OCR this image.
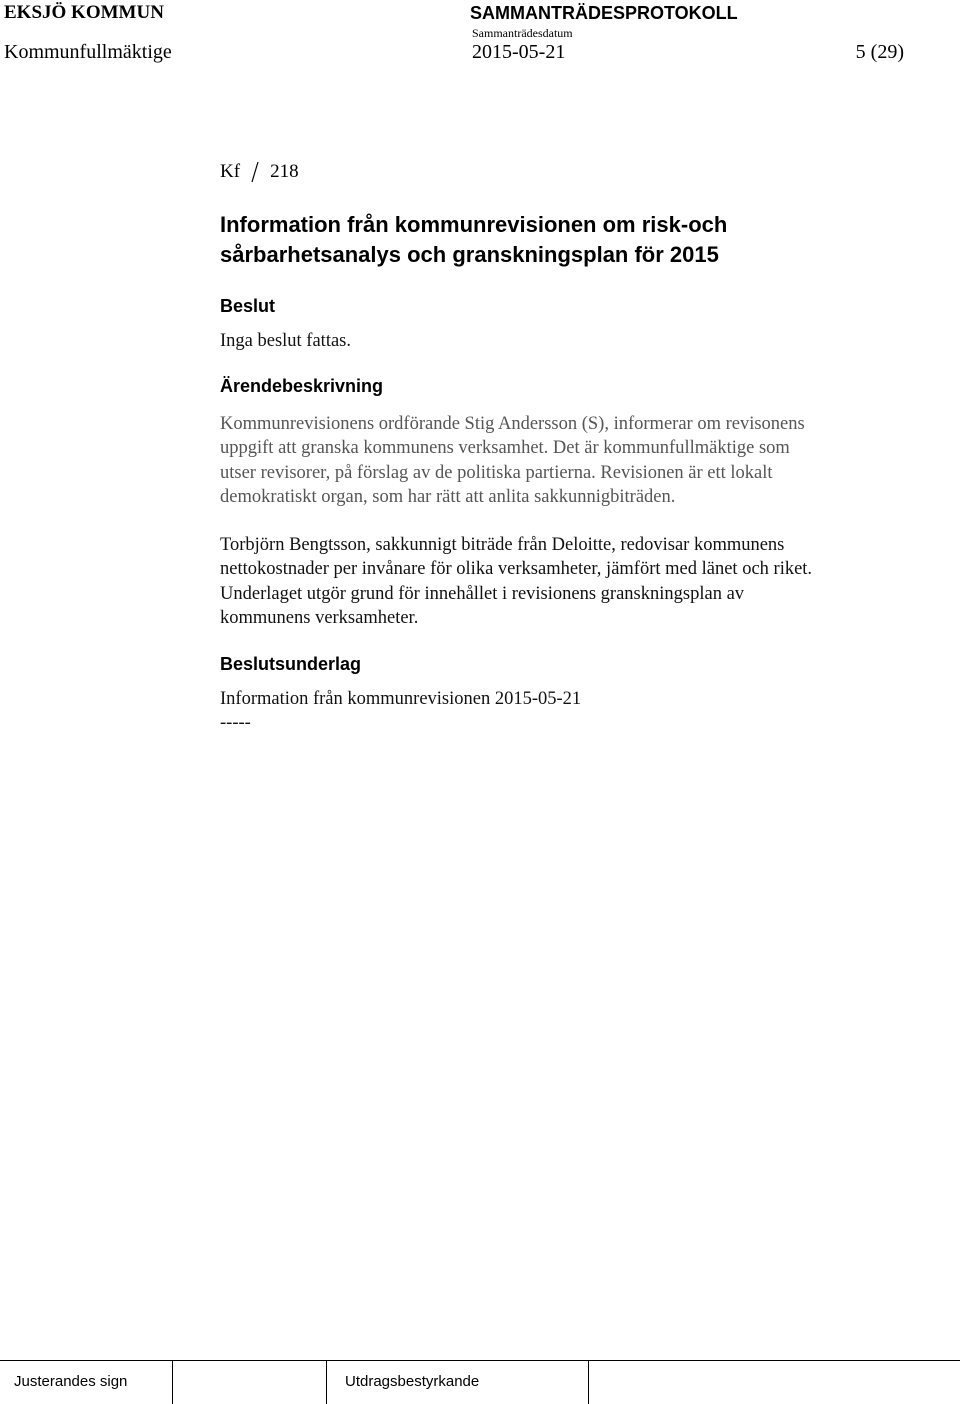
EKSJÖ KOMMUN	SAMMANTRÄDESPROTOKOLL
Sammanträdesdatum
Kommunfullmäktige	2015-05-21	5 (29)
Kf 218
Information från kommunrevisionen om risk-och
sårbarhetsanalys och granskningsplan för 2015
Beslut
Inga beslut fattas.
Ärendebeskrivning
Kommunrevisionens ordförande Stig Andersson (S), informerar om revisonens
uppgift att granska kommunens verksamhet. Det är kommunfullmäktige som
utser revisorer, på förslag av de politiska partierna. Revisionen är ett lokalt
demokratiskt organ, som har rätt att anlita sakkunnigbiträden.
Torbjörn Bengtsson, sakkunnigt biträde från Deloitte, redovisar kommunens
nettokostnader per invånare för olika verksamheter, jämfört med länet och riket.
Underlaget utgör grund för innehållet i revisionens granskningsplan av
kommunens verksamheter.
Beslutsunderlag
Information från kommunrevisionen 2015-05-21
-----
Justerandes sign	Utdragsbestyrkande
